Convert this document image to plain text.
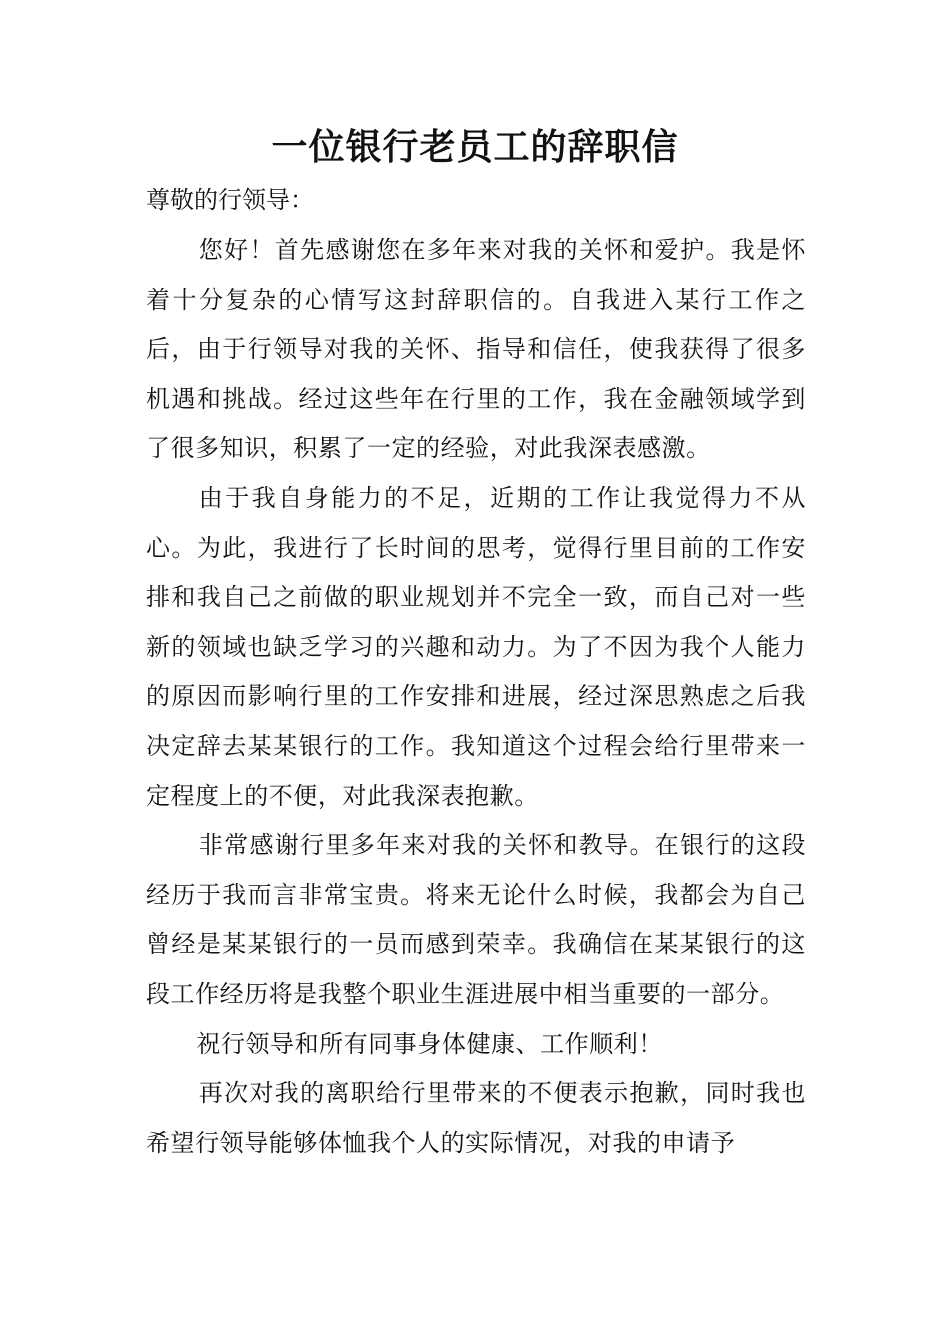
一位银行老员工的辞职信

尊敬的行领导：

您好！首先感谢您在多年来对我的关怀和爱护。我是怀着十分复杂的心情写这封辞职信的。自我进入某行工作之后，由于行领导对我的关怀、指导和信任，使我获得了很多机遇和挑战。经过这些年在行里的工作，我在金融领域学到了很多知识，积累了一定的经验，对此我深表感激。

由于我自身能力的不足，近期的工作让我觉得力不从心。为此，我进行了长时间的思考，觉得行里目前的工作安排和我自己之前做的职业规划并不完全一致，而自己对一些新的领域也缺乏学习的兴趣和动力。为了不因为我个人能力的原因而影响行里的工作安排和进展，经过深思熟虑之后我决定辞去某某银行的工作。我知道这个过程会给行里带来一定程度上的不便，对此我深表抱歉。

非常感谢行里多年来对我的关怀和教导。在银行的这段经历于我而言非常宝贵。将来无论什么时候，我都会为自己曾经是某某银行的一员而感到荣幸。我确信在某某银行的这段工作经历将是我整个职业生涯进展中相当重要的一部分。

祝行领导和所有同事身体健康、工作顺利！

再次对我的离职给行里带来的不便表示抱歉，同时我也希望行领导能够体恤我个人的实际情况，对我的申请予
